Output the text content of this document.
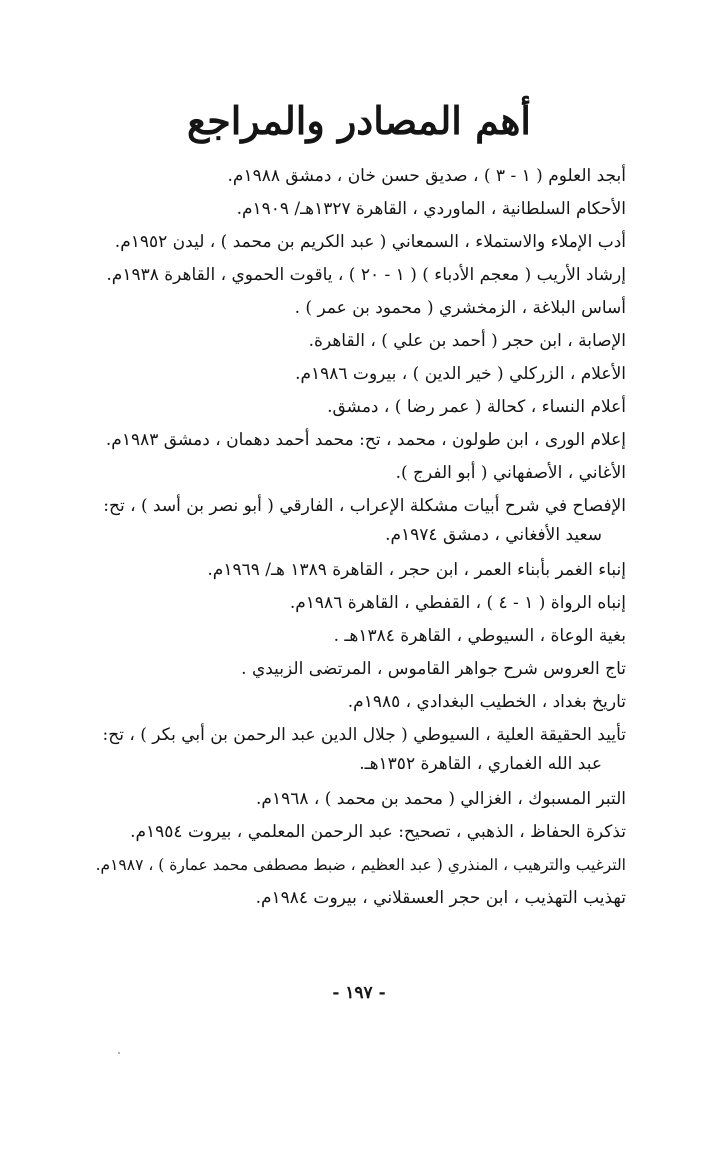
أهم المصادر والمراجع
أبجد العلوم ( ١ - ٣ ) ، صديق حسن خان ، دمشق ١٩٨٨م.
الأحكام السلطانية ، الماوردي ، القاهرة ١٣٢٧هـ/ ١٩٠٩م.
أدب الإملاء والاستملاء ، السمعاني ( عبد الكريم بن محمد ) ، ليدن ١٩٥٢م.
إرشاد الأريب ( معجم الأدباء ) ( ١ - ٢٠ ) ، ياقوت الحموي ، القاهرة ١٩٣٨م.
أساس البلاغة ، الزمخشري ( محمود بن عمر ) .
الإصابة ، ابن حجر ( أحمد بن علي ) ، القاهرة.
الأعلام ، الزركلي ( خير الدين ) ، بيروت ١٩٨٦م.
أعلام النساء ، كحالة ( عمر رضا ) ، دمشق.
إعلام الورى ، ابن طولون ، محمد ، تح: محمد أحمد دهمان ، دمشق ١٩٨٣م.
الأغاني ، الأصفهاني ( أبو الفرج ).
الإفصاح في شرح أبيات مشكلة الإعراب ، الفارقي ( أبو نصر بن أسد ) ، تح: سعيد الأفغاني ، دمشق ١٩٧٤م.
إنباء الغمر بأبناء العمر ، ابن حجر ، القاهرة ١٣٨٩ هـ/ ١٩٦٩م.
إنباه الرواة ( ١ - ٤ ) ، القفطي ، القاهرة ١٩٨٦م.
بغية الوعاة ، السيوطي ، القاهرة ١٣٨٤هـ .
تاج العروس شرح جواهر القاموس ، المرتضى الزبيدي .
تاريخ بغداد ، الخطيب البغدادي ، ١٩٨٥م.
تأييد الحقيقة العلية ، السيوطي ( جلال الدين عبد الرحمن بن أبي بكر ) ، تح: عبد الله الغماري ، القاهرة ١٣٥٢هـ.
التبر المسبوك ، الغزالي ( محمد بن محمد ) ، ١٩٦٨م.
تذكرة الحفاظ ، الذهبي ، تصحيح: عبد الرحمن المعلمي ، بيروت ١٩٥٤م.
الترغيب والترهيب ، المنذري ( عبد العظيم ، ضبط مصطفى محمد عمارة ) ، ١٩٨٧م.
تهذيب التهذيب ، ابن حجر العسقلاني ، بيروت ١٩٨٤م.
- ١٩٧ -
